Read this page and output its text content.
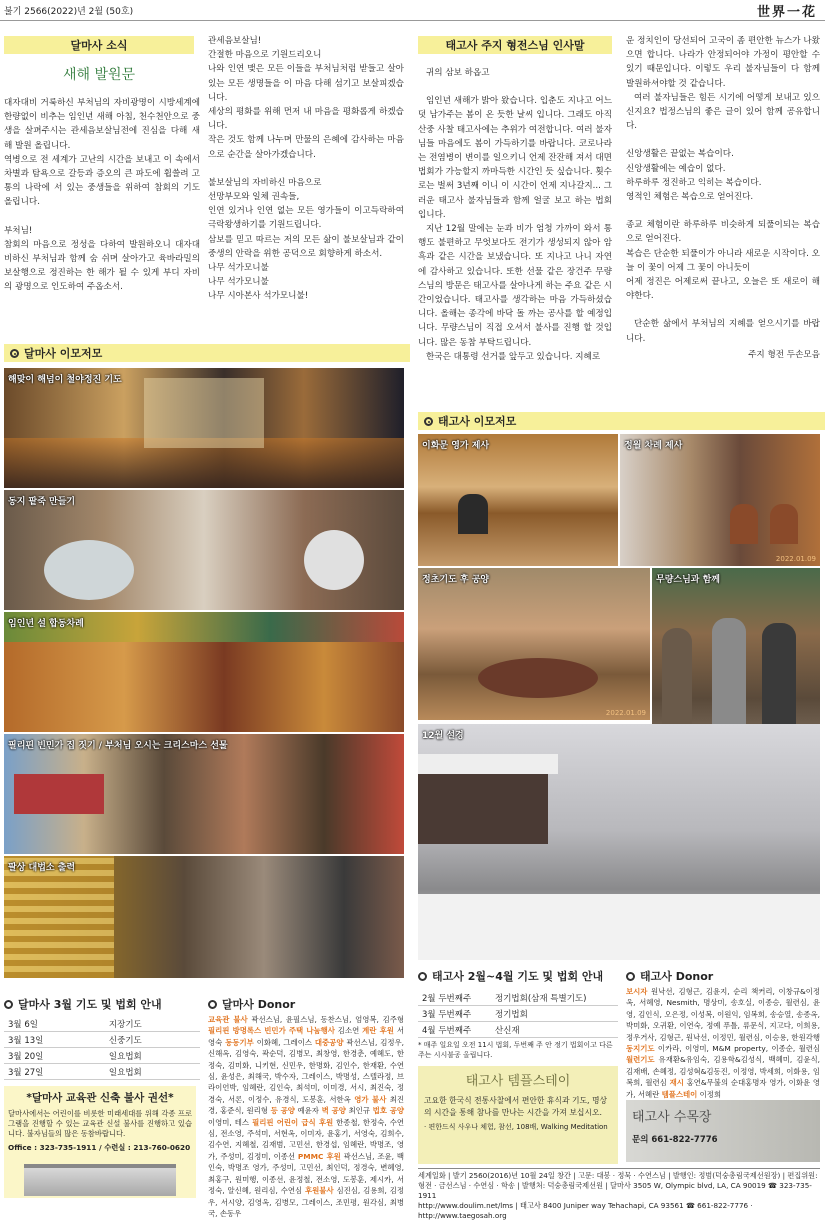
불기 2566(2022)년 2월 (50호)	世界一花
달마사 소식
새해 발원문

대자대비 거룩하신 부처님의 자비광명이 시방세계에 한량없이 비추는 임인년 새해 아침, 천수천안으로 중생을 살펴주시는 관세음보살님전에 진심을 다해 새해 발원 올립니다.

역병으로 전 세계가 고난의 시간을 보내고 이 속에서 차별과 탐욕으로 갈등과 증오의 큰 파도에 휩쓸려 고통의 나락에 서 있는 중생들을 위하여 참회의 기도 올립니다.

부처님!

참회의 마음으로 정성을 다하여 발원하오니 대자대비하신 부처님과 함께 숨 쉬며 살아가고 육바라밀의 보살행으로 정진하는 한 해가 될 수 있게 부디 자비의 광명으로 인도하여 주옵소서.

관세음보살님!

간절한 마음으로 기원드리오니

나와 인연 맺은 모든 이들을 부처님처럼 받들고 살아 있는 모든 생명들을 이 마음 다해 섬기고 보살피겠습니다.

세상의 평화를 위해 먼저 내 마음을 평화롭게 하겠습니다.

작은 것도 함께 나누며 만물의 은혜에 감사하는 마음으로 순간을 살아가겠습니다.

불보살님의 자비하신 마음으로

선망부모와 일체 권속들,

인연 있거나 인연 없는 모든 영가들이 이고득락하여 극락왕생하기를 기원드립니다.

삼보를 믿고 따르는 저의 모든 삶이 불보살님과 같이 중생의 안락을 위한 공덕으로 회향하게 하소서.

나무 석가모니불

나무 석가모니불

나무 시아본사 석가모니불!

태고사 주지 형전스님 인사말

귀의 삼보 하옵고

임인년 새해가 밝아 왔습니다. 입춘도 지나고 어느 덧 남가주는 봄이 온 듯한 날씨 입니다. 그래도 아직 산중 사찰 태고사에는 추위가 여전합니다. 여러 불자님들 마음에도 봄이 가득하기를 바랍니다. 코로나라는 전염병이 변이를 일으키니 언제 잔잔해 져서 대면 법회가 가능할지 까마득한 시간인 듯 싶습니다. 횟수로는 벌써 3년째 이니 이 시간이 언제 지나갈지... 그러운 태고사 불자님들과 함께 얼굴 보고 하는 법회 입니다.

지난 12월 말에는 눈과 비가 엄청 가까이 와서 통행도 불편하고 무엇보다도 전기가 생성되지 않아 암흑과 같은 시간을 보냈습니다. 또 지나고 나니 자연에 감사하고 있습니다. 또한 선물 같은 장건주 무량스님의 방문은 태고사를 살아나게 하는 주요 같은 시간이었습니다. 태고사를 생각하는 마음 가득하셨습니다. 올해는 종각에 바닥 돌 까는 공사를 할 예정입니다. 무량스님이 직접 오셔서 불사를 진행 할 것입니다. 많은 동참 부탁드립니다.

한국은 대통령 선거를 앞두고 있습니다. 지혜로

운 정치인이 당선되어 고국이 좀 편안한 뉴스가 나왔으면 합니다. 나라가 안정되어야 가정이 평안할 수 있기 때문입니다. 이렇도 우리 불자님들이 다 함께 발원하셔야할 것 같습니다.

여러 불자님들은 힘든 시기에 어떻게 보내고 있으신지요? 법정스님의 좋은 글이 있어 함께 공유합니다.

신앙생활은 끝없는 복습이다.

신앙생활에는 예습이 없다.

하루하루 정진하고 익히는 복습이다.

영적인 체험은 복습으로 얻어진다.

종교 체험이란 하루하루 비슷하게 되풀이되는 복습으로 얻어진다.

복습은 단순한 되풀이가 아니라 새로운 시작이다. 오늘 이 꽃이 어제 그 꽃이 아니듯이

어제 정진은 어제로써 끝나고, 오늘은 또 새로이 해야한다.

단순한 삶에서 부처님의 지혜를 얻으시기를 바랍니다.

주지 형전 두손모음

달마사 이모저모
해맞이 해넘이 철야정진 기도
동지 팥죽 만들기
임인년 설 합동차례
필리핀 빈민가 집 짓기 / 부처님 오시는 크리스마스 선물
팔상 대법소 출력
태고사 이모저모
이화문 영가 제사	정월 차례 제사
2022.01.09
정초기도 후 공양
2022.01.09
무량스님과 함께
12월 설경
달마사 3월 기도 및 법회 안내
3월 6일	지장기도
3월 13일	신중기도
3월 20일	일요법회
3월 27일	일요법회
*달마사 교육관 신축 불사 권선*
달마사에서는 어린이를 비롯한 미래세대를 위해 각종 프로그램을 진행할 수 있는 교육관 신설 불사를 진행하고 있습니다. 불자님들의 많은 동참바랍니다.
Office : 323-735-1911 / 수련실 : 213-760-0620
달마사 Donor
교육관 불사 곽선스님, 윤필스님, 동찬스님, 엄영복, 김주형 필리핀 방명록스 빈민가 주택 나눔행사 김소연 계란 후원 서영숙 동동기부 이화혜, 그레이스 대중공양 곽선스님, 김정우, 신해옥, 김영숙, 곽순덕, 김병모, 최창영, 한경춘, 예혜도, 한정숙, 김미화, 니키현, 신민우, 한명화, 김인수, 한재환, 수연심, 윤성은, 최해국, 박수자, 그레이스, 박명성, 스텔라정, 브라이언박, 임혜란, 김인숙, 최석미, 이미경, 서시, 최진숙, 정경숙, 서론, 이정수, 유경식, 도봉훈, 서한옥 영가 불사 최진경, 홍준식, 원리형 등 공양 예윤자 벽 공양 최인규 법호 공양 이영미, 테스 필리핀 어린이 급식 후원 한종철, 한정숙, 수연심, 전소영, 주석미, 서현옥, 이미자, 윤홍기, 서영숙, 김희수, 김수연, 지혜철, 김재범, 고민선, 한경섭, 임혜란, 박명조, 영가, 주성미, 김정미, 이종선 PMMC 후원 곽선스님, 조윤, 백인숙, 박명조 영가, 주성미, 고민선, 최인덕, 정경숙, 변혜영, 최홍구, 원미행, 이종선, 윤정철, 전소영, 도봉훈, 제시카, 서정숙, 알신혜, 원리심, 수연심 후원불사 심진심, 김용희, 김정우, 서시양, 김영옥, 김병모, 그레이스, 조민평, 원각심, 최병국, 손동우
태고사 2월~4월 기도 및 법회 안내
2월 두번째주	정기법회(삼재 특별기도)
3월 두번째주	정기법회
4월 두번째주	산신재
* 매주 일요일 오전 11시 법회, 두번째 주 안 정기 법회이고 다른 주는 시시불공 올립니다.
태고사 템플스테이
고요한 한국식 전통사찰에서 편안한 휴식과 기도, 명상의 시간을 통해 참나를 만나는 시간을 가져 보십시오.
· 편한드식 사우나 체험, 참선, 108배, Walking Meditation
태고사 Donor
보시자 원낙선, 김형근, 김윤지, 순리 책커리, 이창규&이정옥, 서혜영, Nesmith, 명상미, 송호실, 이종승, 월련심, 윤영, 김인식, 오은정, 이성복, 이원익, 임복희, 송승열, 송종옥, 박미화, 오귀환, 이연숙, 정예 푸틀, 류문식, 지고다, 이희용, 정우거사, 김형근, 원낙선, 이정민, 월련심, 이승용, 한원각행 동지기도 이카라, 이영미, M&M property, 이종순, 월련심 월련기도 유재환&유임숙, 김용학&김성식, 백혜미, 김윤식, 김재배, 손혜정, 김성혁&김동진, 이정영, 박세희, 이화용, 임복희, 월련심 재시 홍연&무불의 순대홍명자 영가, 이화윤 영가, 서혜란 템플스테이 이정희
태고사 수목장
문의 661-822-7776
세계일화 | 발기 2560(2016)년 10월 24일 창간 | 고문: 대봉 · 정묵 · 수연스님 | 발행인: 정범(덕숭총림국제선원장) | 편집위원: 형전 · 금선스님 · 수연심 · 학송 | 발행처: 덕숭총림국제선원 | 달마사 3505 W, Olympic blvd, LA, CA 90019 ☎ 323-735-1911
http://www.doulim.net/lms | 태고사 8400 Juniper way Tehachapi, CA 93561 ☎ 661-822-7776 · http://www.taegosah.org
